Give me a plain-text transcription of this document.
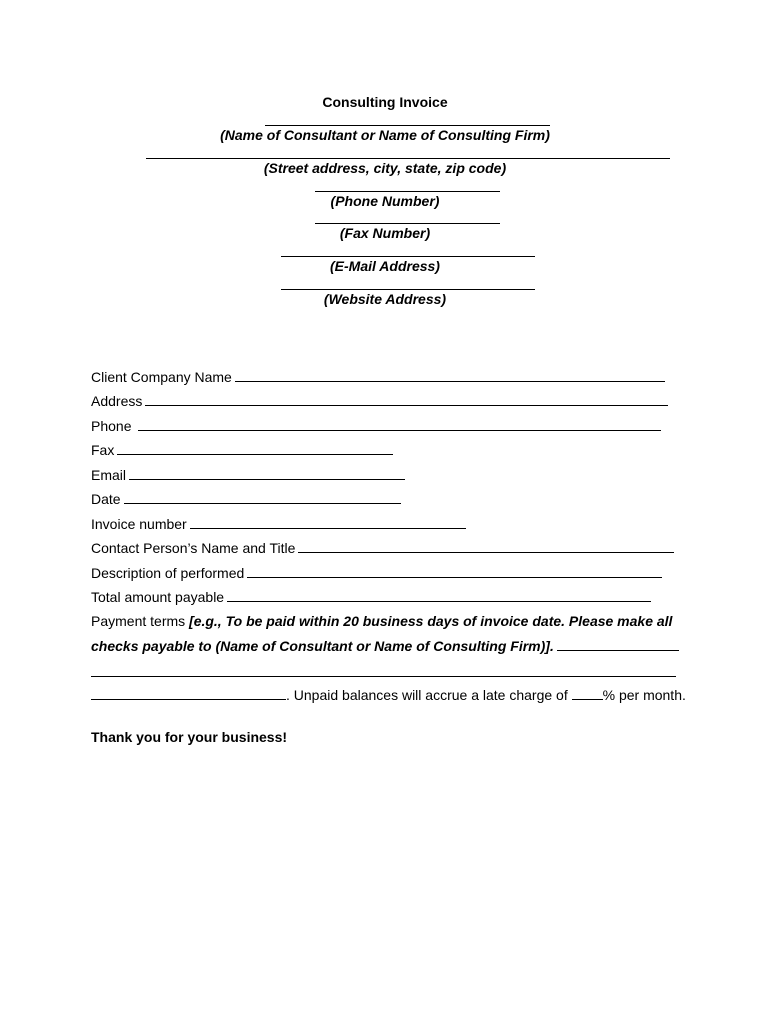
Consulting Invoice
(Name of Consultant or Name of Consulting Firm)
(Street address, city, state, zip code)
(Phone Number)
(Fax Number)
(E-Mail Address)
(Website Address)
Client Company Name
Address
Phone
Fax
Email
Date
Invoice number
Contact Person’s Name and Title
Description of performed
Total amount payable
Payment terms [e.g., To be paid within 20 business days of invoice date. Please make all
checks payable to (Name of Consultant or Name of Consulting Firm)].
. Unpaid balances will accrue a late charge of % per month.
Thank you for your business!
